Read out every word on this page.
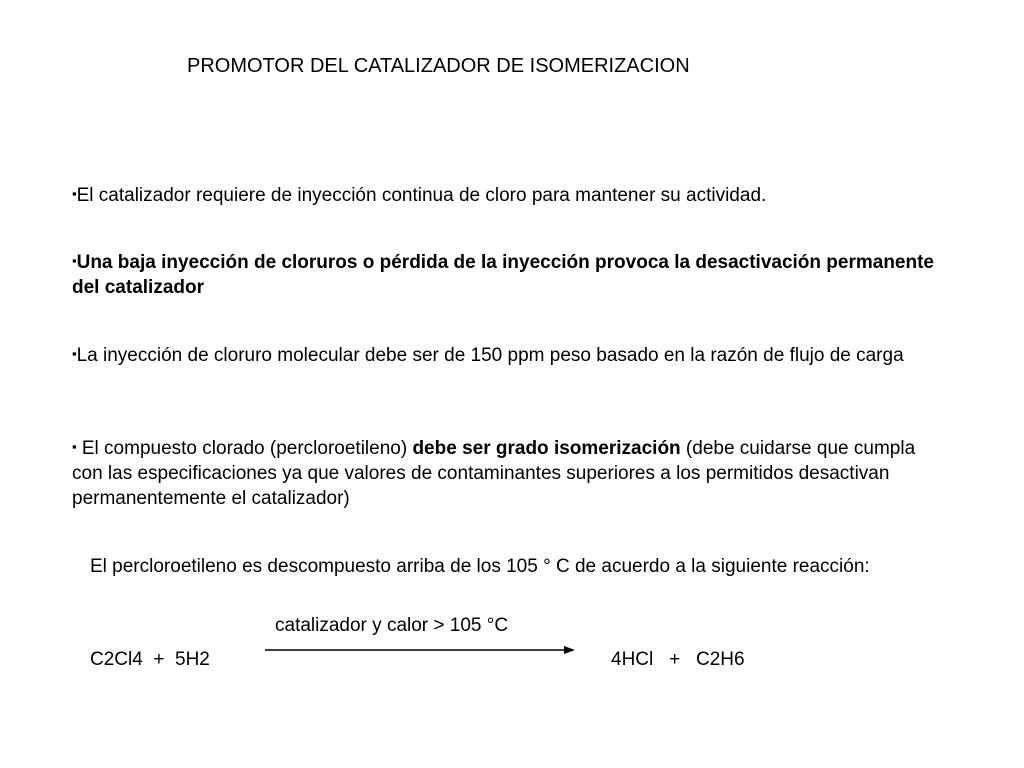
PROMOTOR DEL CATALIZADOR DE ISOMERIZACION
▪El catalizador requiere de inyección continua de cloro para mantener su actividad.
▪Una baja inyección de cloruros o pérdida de la inyección provoca la desactivación permanente del catalizador
▪La inyección de cloruro molecular debe ser de 150 ppm peso basado en la razón de flujo de carga
▪ El compuesto clorado (percloroetileno) debe ser grado isomerización (debe cuidarse que cumpla con las especificaciones ya que valores de contaminantes superiores a los permitidos desactivan permanentemente el catalizador)
El percloroetileno es descompuesto arriba de los 105 ° C de acuerdo a la siguiente reacción:
catalizador y calor > 105 °C
C2Cl4  +  5H2	4HCl   +   C2H6
